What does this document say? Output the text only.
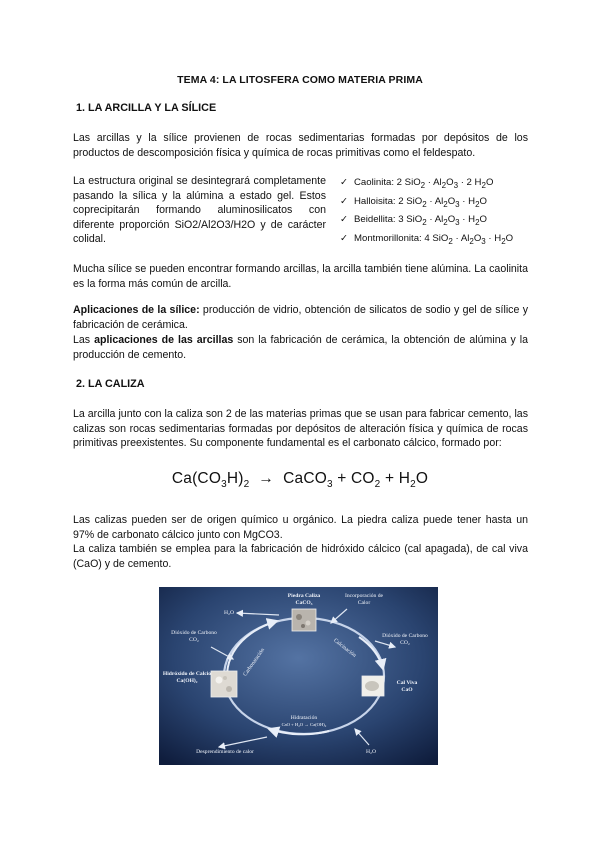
TEMA 4: LA LITOSFERA COMO MATERIA PRIMA
1. LA ARCILLA Y LA SÍLICE
Las arcillas y la sílice provienen de rocas sedimentarias formadas por depósitos de los productos de descomposición física y química de rocas primitivas como el feldespato.
La estructura original se desintegrará completamente pasando la sílica y la alúmina a estado gel. Estos coprecipitarán formando aluminosilicatos con diferente proporción SiO2/Al2O3/H2O y de carácter colidal.
✓ Caolinita: 2 $SiO_2 \cdot Al_2O_3 \cdot 2$ $H_2O$
✓ Halloisita: 2 $SiO_2 \cdot Al_2O_3 \cdot H_2O$
✓ Beidellita: 3 $SiO_2 \cdot Al_2O_3 \cdot H_2O$
✓ Montmorillonita: 4 $SiO_2 \cdot Al_2O_3 \cdot H_2O$
Mucha sílice se pueden encontrar formando arcillas, la arcilla también tiene alúmina. La caolinita es la forma más común de arcilla.
Aplicaciones de la sílice: producción de vidrio, obtención de silicatos de sodio y gel de sílice y fabricación de cerámica.
Las aplicaciones de las arcillas son la fabricación de cerámica, la obtención de alúmina y la producción de cemento.
2. LA CALIZA
La arcilla junto con la caliza son 2 de las materias primas que se usan para fabricar cemento, las calizas son rocas sedimentarias formadas por depósitos de alteración física y química de rocas primitivas preexistentes. Su componente fundamental es el carbonato cálcico, formado por:
$Ca(CO_3H)_2$  →  CaCO$_3$ + $CO_2 + H_2O$
Las calizas pueden ser de origen químico u orgánico. La piedra caliza puede tener hasta un 97% de carbonato cálcico junto con MgCO3.
La caliza también se emplea para la fabricación de hidróxido cálcico (cal apagada), de cal viva (CaO) y de cemento.
Piedra Caliza
CaCO₃
Incorporación de
Calor
H₂O
Dióxido de Carbono
CO₂
Dióxido de Carbono
CO₂
Hidróxido de Calcio
Ca(OH)₂	Cal Viva
CaO
Hidratación
CaO + H₂O → Ca(OH)₂
Desprendimiento de calor	H₂O
Carbonatación	Calcinación
